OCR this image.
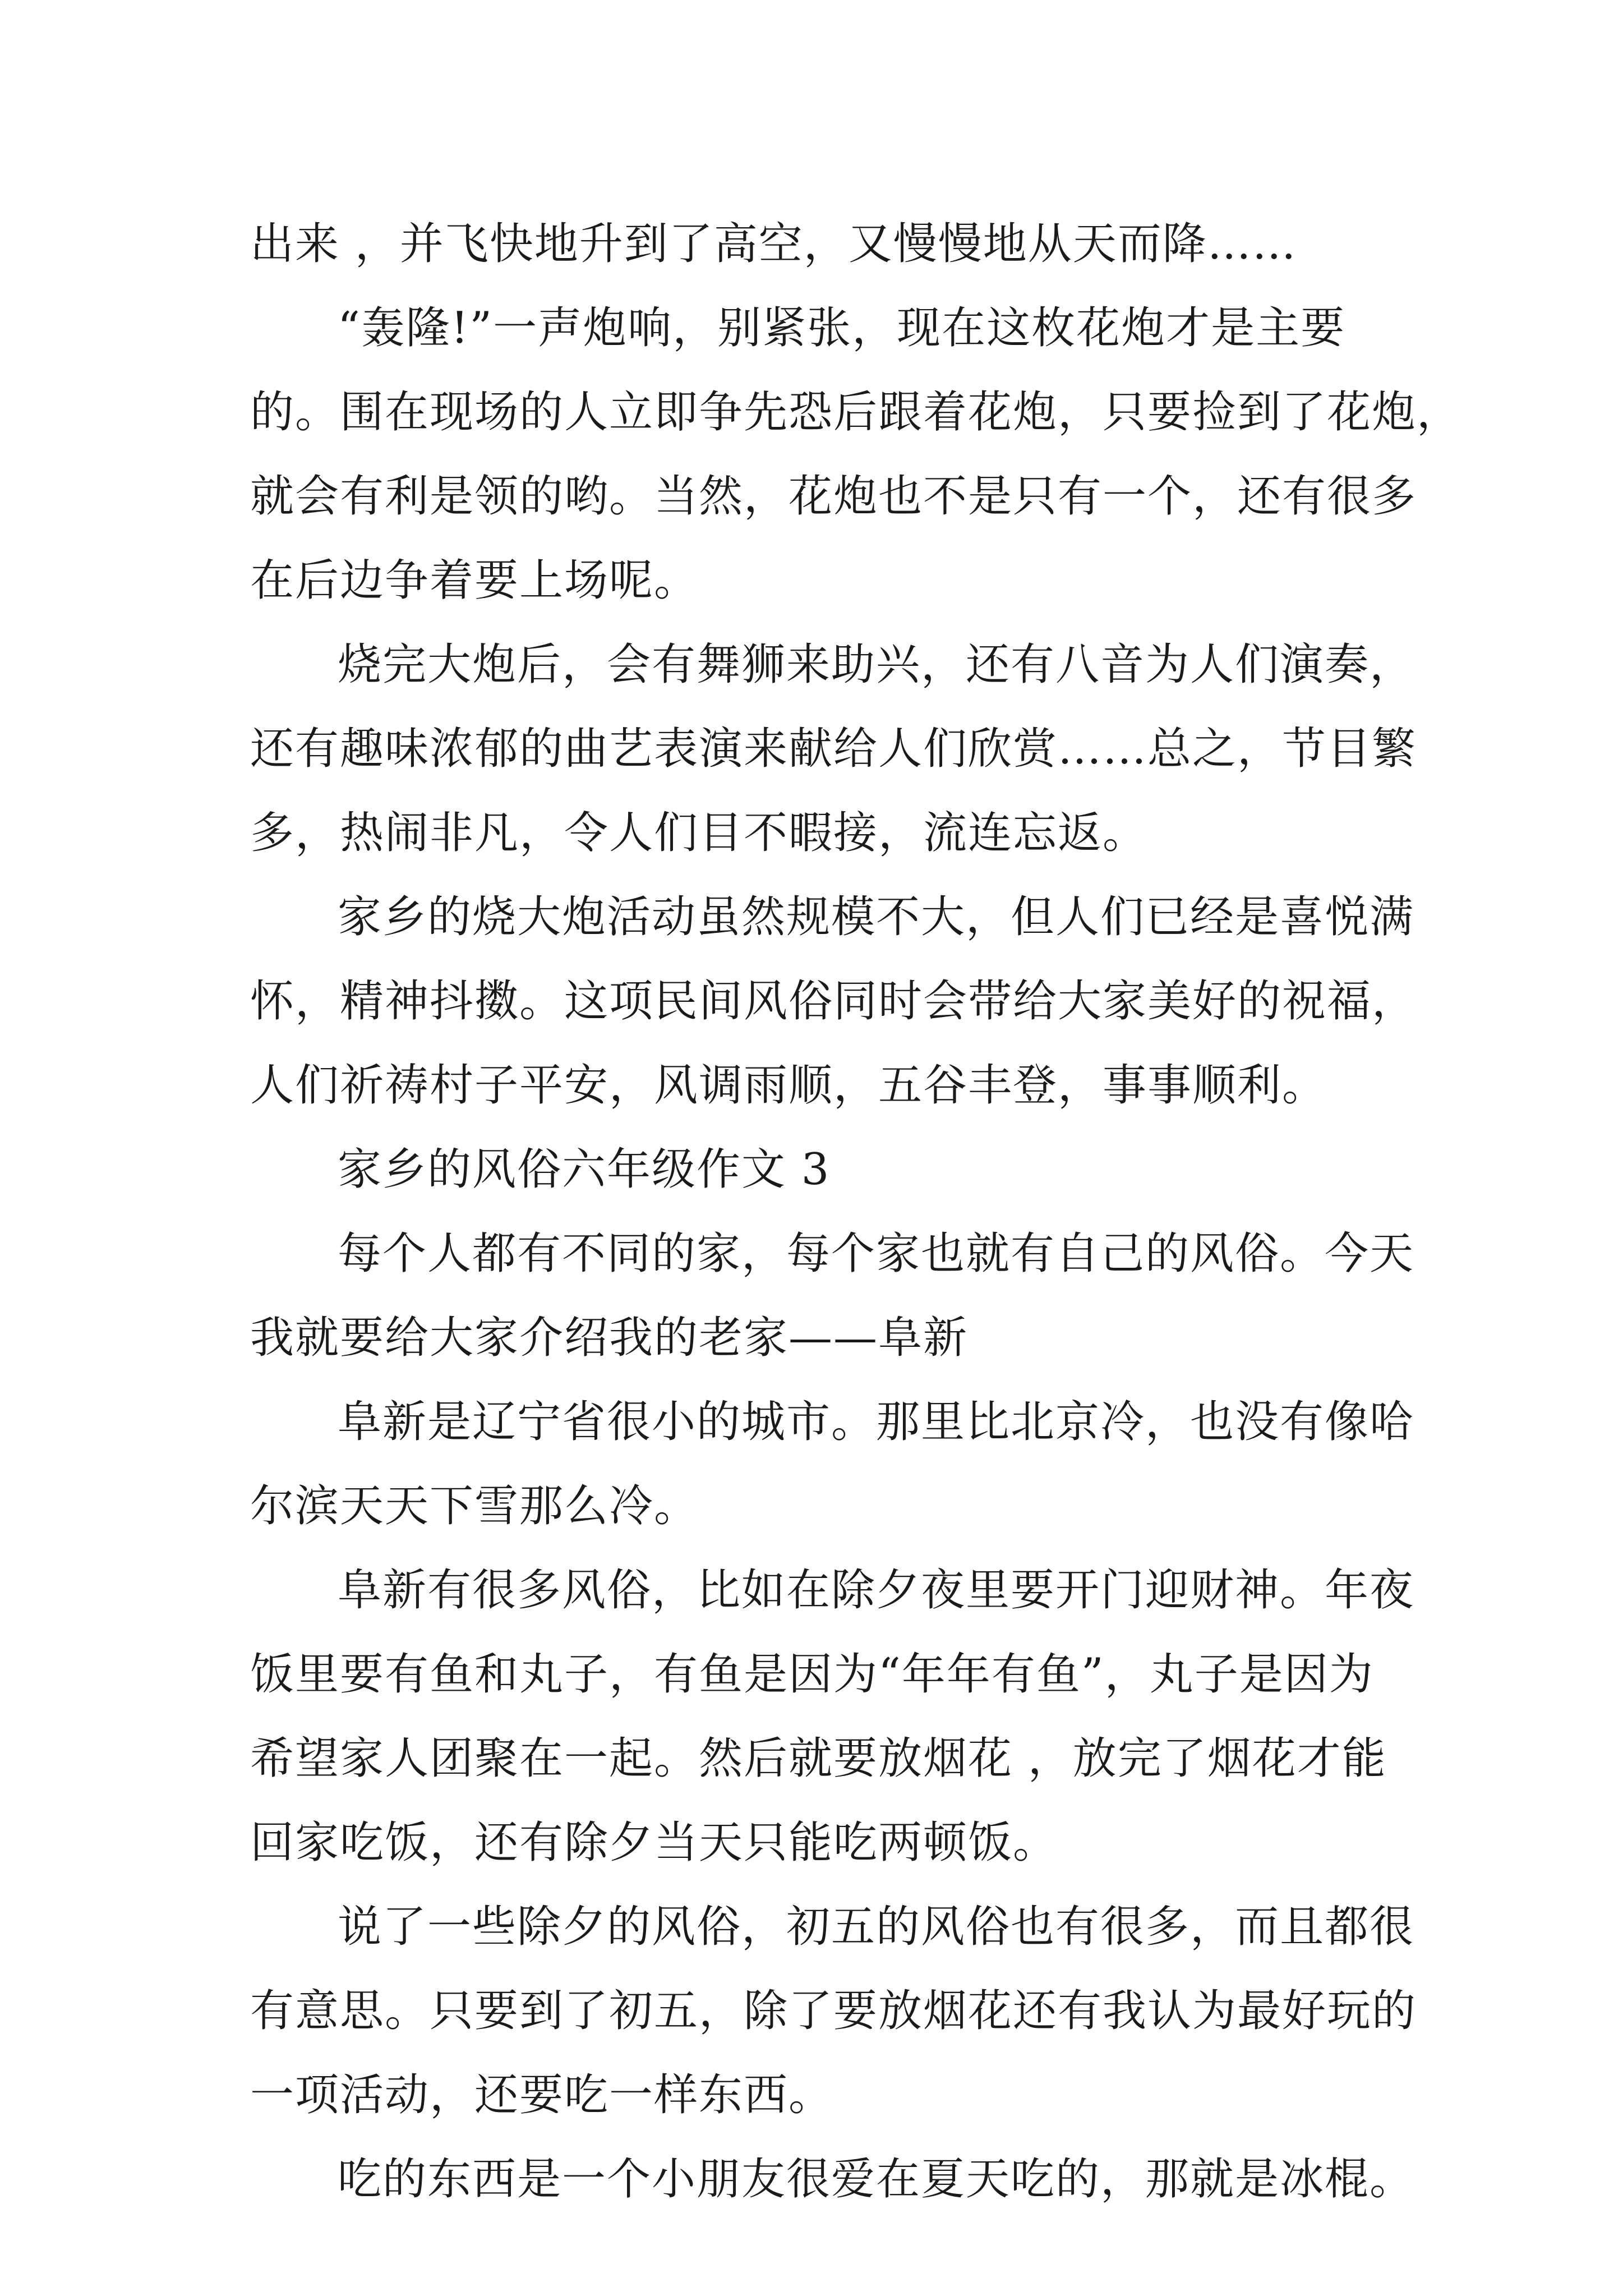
出来 ，并飞快地升到了高空，又慢慢地从天而降……
“轰隆!”一声炮响，别紧张，现在这枚花炮才是主要
的。围在现场的人立即争先恐后跟着花炮，只要捡到了花炮，
就会有利是领的哟。当然，花炮也不是只有一个，还有很多
在后边争着要上场呢。
烧完大炮后，会有舞狮来助兴，还有八音为人们演奏，
还有趣味浓郁的曲艺表演来献给人们欣赏……总之，节目繁
多，热闹非凡，令人们目不暇接，流连忘返。
家乡的烧大炮活动虽然规模不大，但人们已经是喜悦满
怀，精神抖擞。这项民间风俗同时会带给大家美好的祝福，
人们祈祷村子平安，风调雨顺，五谷丰登，事事顺利。
家乡的风俗六年级作文 3
每个人都有不同的家，每个家也就有自己的风俗。今天
我就要给大家介绍我的老家——阜新
阜新是辽宁省很小的城市。那里比北京冷，也没有像哈
尔滨天天下雪那么冷。
阜新有很多风俗，比如在除夕夜里要开门迎财神。年夜
饭里要有鱼和丸子，有鱼是因为“年年有鱼”，丸子是因为
希望家人团聚在一起。然后就要放烟花 ，放完了烟花才能
回家吃饭，还有除夕当天只能吃两顿饭。
说了一些除夕的风俗，初五的风俗也有很多，而且都很
有意思。只要到了初五，除了要放烟花还有我认为最好玩的
一项活动，还要吃一样东西。
吃的东西是一个小朋友很爱在夏天吃的，那就是冰棍。
